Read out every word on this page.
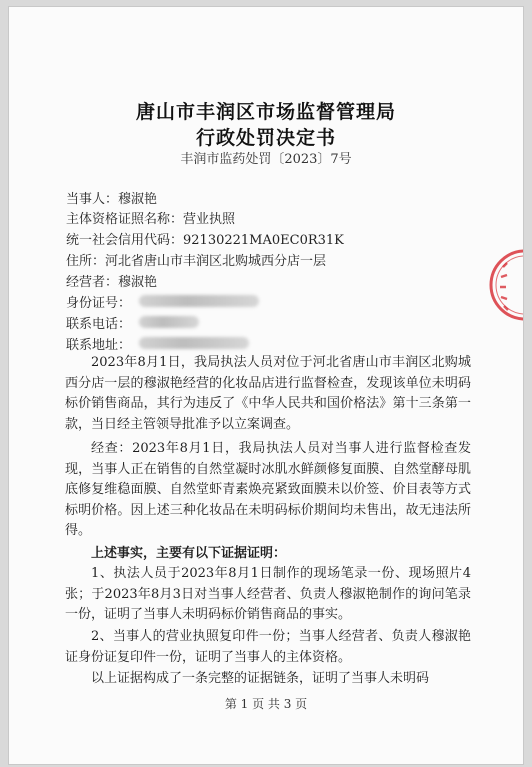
唐山市丰润区市场监督管理局
行政处罚决定书
丰润市监药处罚〔2023〕7号
当事人：穆淑艳
主体资格证照名称：营业执照
统一社会信用代码：92130221MA0EC0R31K
住所：河北省唐山市丰润区北购城西分店一层
经营者：穆淑艳
身份证号：
联系电话：
联系地址：

2023年8月1日，我局执法人员对位于河北省唐山市丰润区北购城西分店一层的穆淑艳经营的化妆品店进行监督检查，发现该单位未明码标价销售商品，其行为违反了《中华人民共和国价格法》第十三条第一款，当日经主管领导批准予以立案调查。

经查：2023年8月1日，我局执法人员对当事人进行监督检查发现，当事人正在销售的自然堂凝时冰肌水鲜颜修复面膜、自然堂酵母肌底修复维稳面膜、自然堂虾青素焕亮紧致面膜未以价签、价目表等方式标明价格。因上述三种化妆品在未明码标价期间均未售出，故无违法所得。

上述事实，主要有以下证据证明：

1、执法人员于2023年8月1日制作的现场笔录一份、现场照片4张；于2023年8月3日对当事人经营者、负责人穆淑艳制作的询问笔录一份，证明了当事人未明码标价销售商品的事实。

2、当事人的营业执照复印件一份；当事人经营者、负责人穆淑艳证身份证复印件一份，证明了当事人的主体资格。

以上证据构成了一条完整的证据链条，证明了当事人未明码

第 1 页 共 3 页
